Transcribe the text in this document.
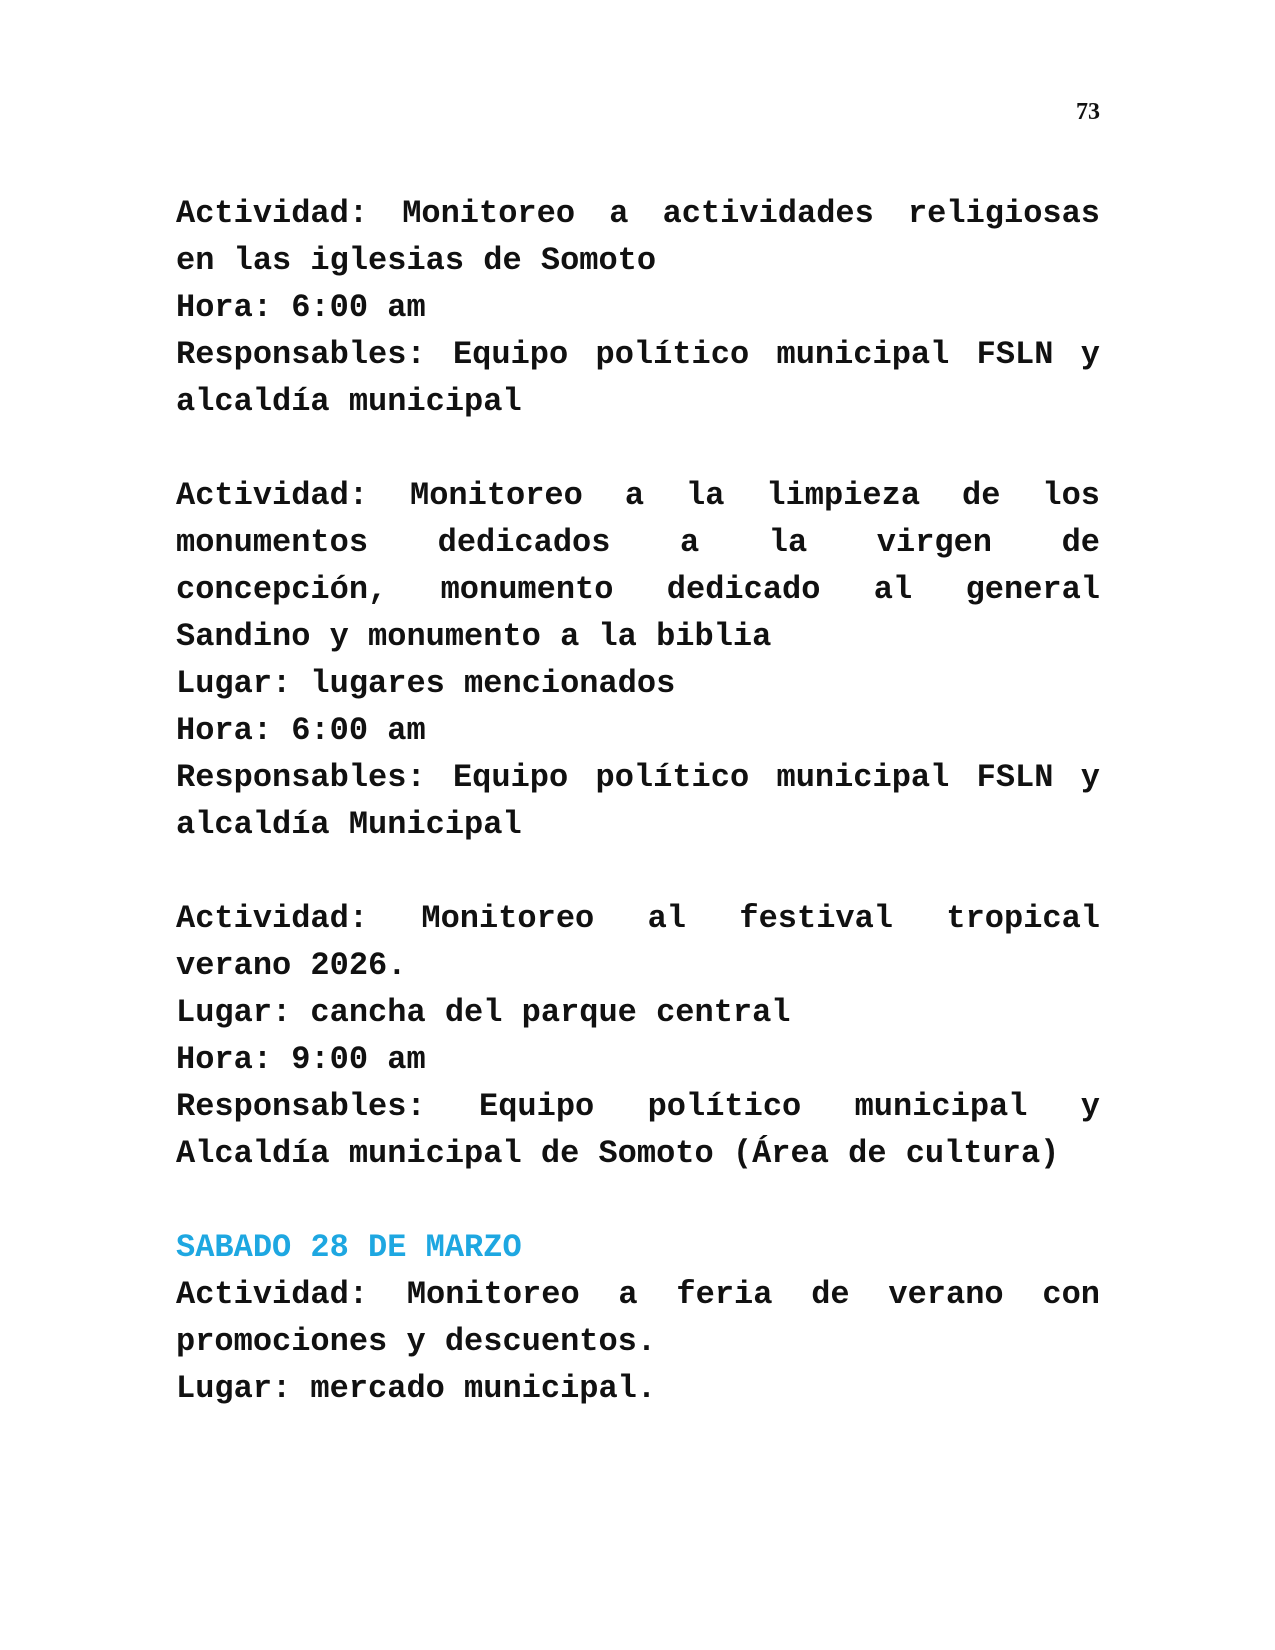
73
Actividad: Monitoreo a actividades religiosas
en las iglesias de Somoto
Hora: 6:00 am
Responsables: Equipo político municipal FSLN y
alcaldía municipal
Actividad: Monitoreo a la limpieza de los
monumentos dedicados a la virgen de
concepción, monumento dedicado al general
Sandino y monumento a la biblia
Lugar: lugares mencionados
Hora: 6:00 am
Responsables: Equipo político municipal FSLN y
alcaldía Municipal
Actividad: Monitoreo al festival tropical
verano 2026.
Lugar: cancha del parque central
Hora: 9:00 am
Responsables: Equipo político municipal y
Alcaldía municipal de Somoto (Área de cultura)
SABADO 28 DE MARZO
Actividad: Monitoreo a feria de verano con
promociones y descuentos.
Lugar: mercado municipal.
